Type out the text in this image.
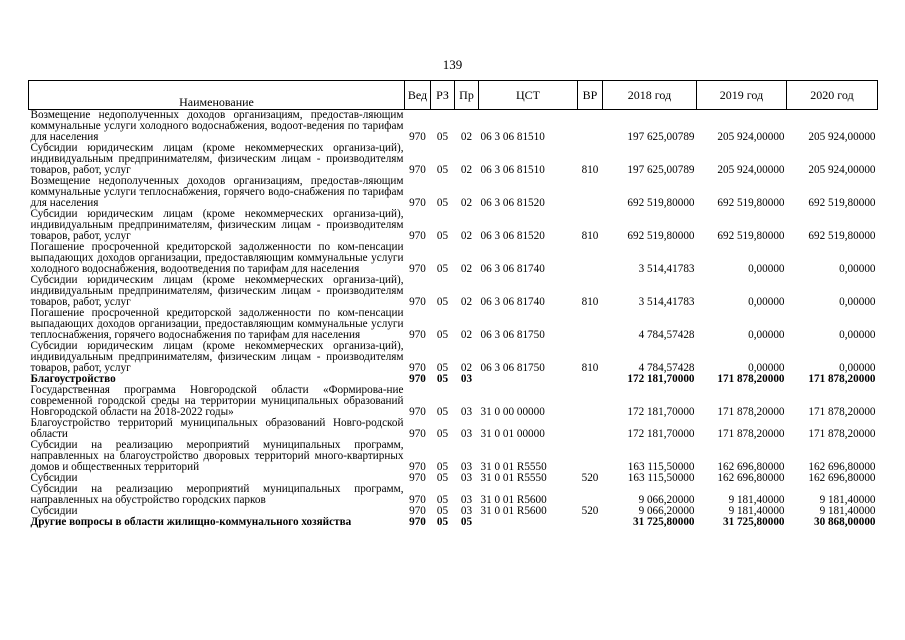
139
Наименование	Вед	РЗ	Пр	ЦСТ	ВР	2018 год	2019 год	2020 год
Возмещение недополученных доходов организациям, предостав-ляющим коммунальные услуги холодного водоснабжения, водоот-ведения по тарифам для населения	970	05	02	06 3 06 81510		197 625,00789	205 924,00000	205 924,00000
Субсидии юридическим лицам (кроме некоммерческих организа-ций), индивидуальным предпринимателям, физическим лицам - производителям товаров, работ, услуг	970	05	02	06 3 06 81510	810	197 625,00789	205 924,00000	205 924,00000
Возмещение недополученных доходов организациям, предостав-ляющим коммунальные услуги теплоснабжения, горячего водо-снабжения по тарифам для населения	970	05	02	06 3 06 81520		692 519,80000	692 519,80000	692 519,80000
Субсидии юридическим лицам (кроме некоммерческих организа-ций), индивидуальным предпринимателям, физическим лицам - производителям товаров, работ, услуг	970	05	02	06 3 06 81520	810	692 519,80000	692 519,80000	692 519,80000
Погашение просроченной кредиторской задолженности по ком-пенсации выпадающих доходов организации, предоставляющим коммунальные услуги холодного водоснабжения, водоотведения по тарифам для населения	970	05	02	06 3 06 81740		3 514,41783	0,00000	0,00000
Субсидии юридическим лицам (кроме некоммерческих организа-ций), индивидуальным предпринимателям, физическим лицам - производителям товаров, работ, услуг	970	05	02	06 3 06 81740	810	3 514,41783	0,00000	0,00000
Погашение просроченной кредиторской задолженности по ком-пенсации выпадающих доходов организации, предоставляющим коммунальные услуги теплоснабжения, горячего водоснабжения по тарифам для населения	970	05	02	06 3 06 81750		4 784,57428	0,00000	0,00000
Субсидии юридическим лицам (кроме некоммерческих организа-ций), индивидуальным предпринимателям, физическим лицам - производителям товаров, работ, услуг	970	05	02	06 3 06 81750	810	4 784,57428	0,00000	0,00000
Благоустройство	970	05	03			172 181,70000	171 878,20000	171 878,20000
Государственная программа Новгородской области «Формирова-ние современной городской среды на территории муниципальных образований Новгородской области на 2018-2022 годы»	970	05	03	31 0 00 00000		172 181,70000	171 878,20000	171 878,20000
Благоустройство территорий муниципальных образований Новго-родской области	970	05	03	31 0 01 00000		172 181,70000	171 878,20000	171 878,20000
Субсидии на реализацию мероприятий муниципальных программ, направленных на благоустройство дворовых территорий много-квартирных домов и общественных территорий	970	05	03	31 0 01 R5550		163 115,50000	162 696,80000	162 696,80000
Субсидии	970	05	03	31 0 01 R5550	520	163 115,50000	162 696,80000	162 696,80000
Субсидии на реализацию мероприятий муниципальных программ, направленных на обустройство городских парков	970	05	03	31 0 01 R5600		9 066,20000	9 181,40000	9 181,40000
Субсидии	970	05	03	31 0 01 R5600	520	9 066,20000	9 181,40000	9 181,40000
Другие вопросы в области жилищно-коммунального хозяйства	970	05	05			31 725,80000	31 725,80000	30 868,00000
